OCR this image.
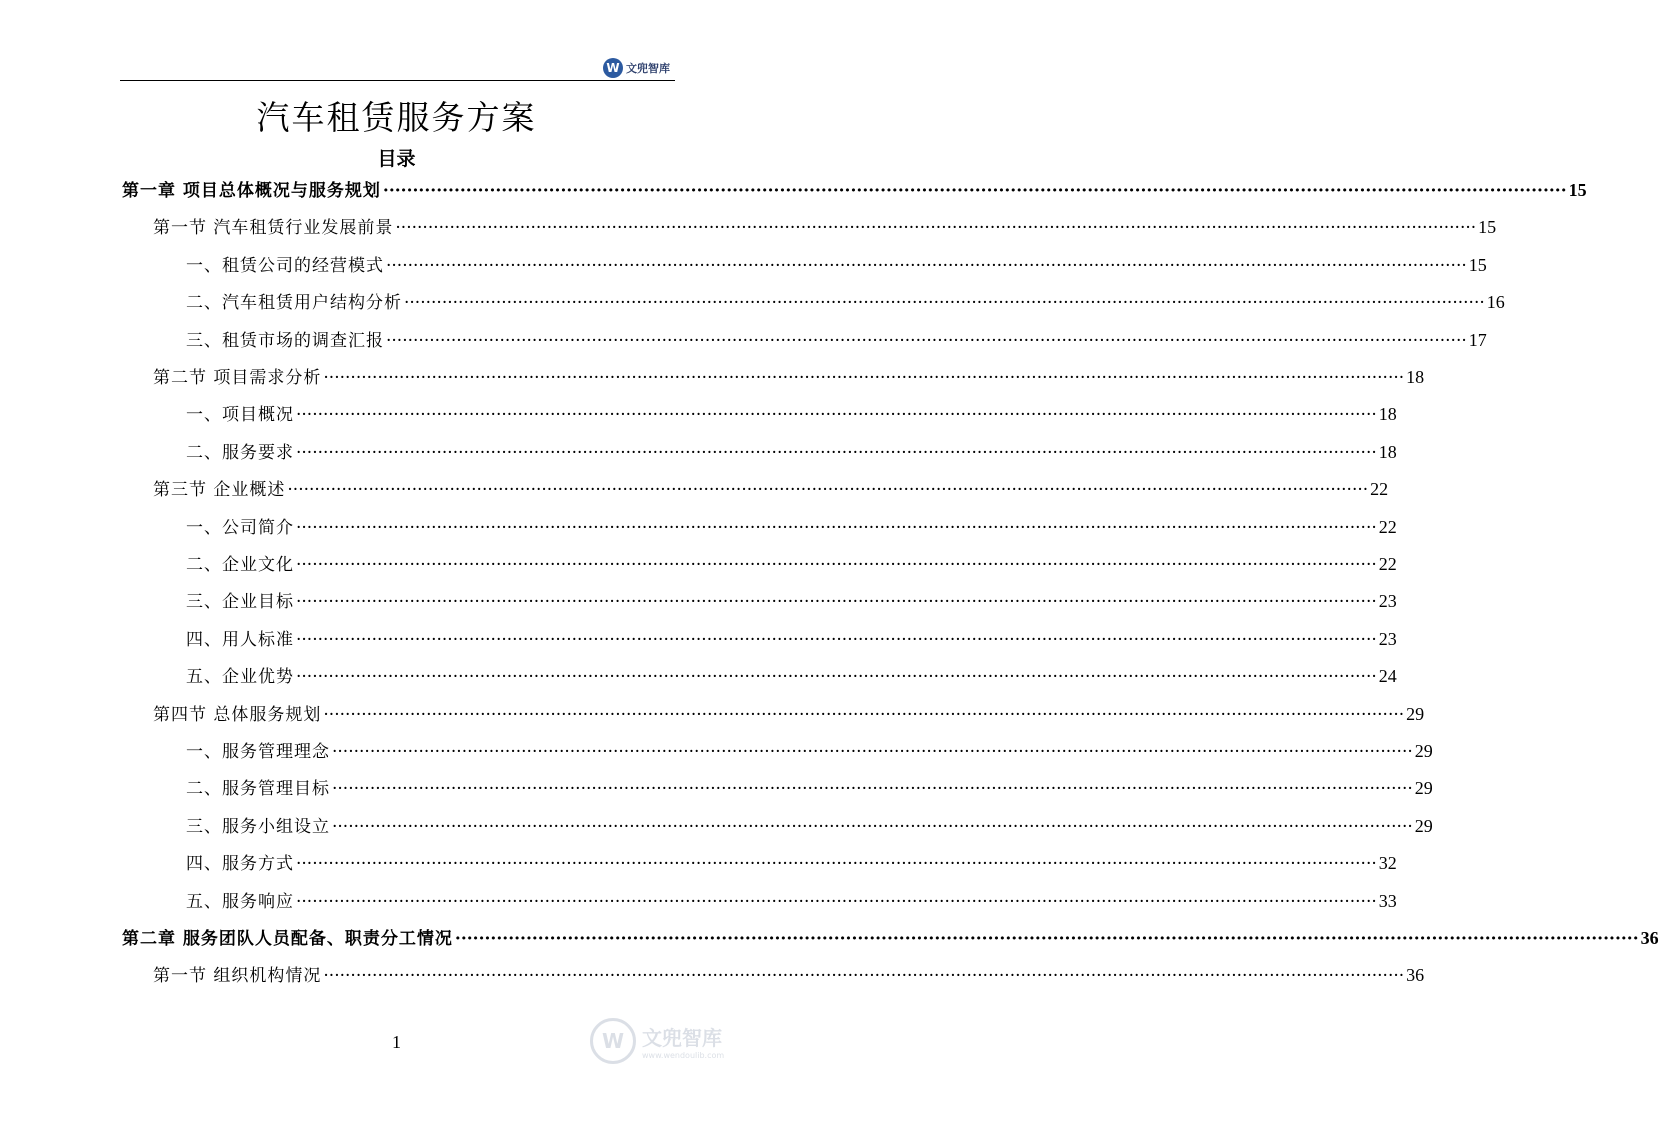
W 文兜智库
汽车租赁服务方案
目录
第一章 项目总体概况与服务规划 ········································································································································································································ 15
第一节 汽车租赁行业发展前景 ········································································································································································································ 15
一、租赁公司的经营模式 ········································································································································································································ 15
二、汽车租赁用户结构分析 ········································································································································································································ 16
三、租赁市场的调查汇报 ········································································································································································································ 17
第二节 项目需求分析 ········································································································································································································ 18
一、项目概况 ········································································································································································································ 18
二、服务要求 ········································································································································································································ 18
第三节 企业概述 ········································································································································································································ 22
一、公司简介 ········································································································································································································ 22
二、企业文化 ········································································································································································································ 22
三、企业目标 ········································································································································································································ 23
四、用人标准 ········································································································································································································ 23
五、企业优势 ········································································································································································································ 24
第四节 总体服务规划 ········································································································································································································ 29
一、服务管理理念 ········································································································································································································ 29
二、服务管理目标 ········································································································································································································ 29
三、服务小组设立 ········································································································································································································ 29
四、服务方式 ········································································································································································································ 32
五、服务响应 ········································································································································································································ 33
第二章 服务团队人员配备、职责分工情况 ········································································································································································································ 36
第一节 组织机构情况 ········································································································································································································ 36
1	W 文兜智库
www.wendoulib.com
